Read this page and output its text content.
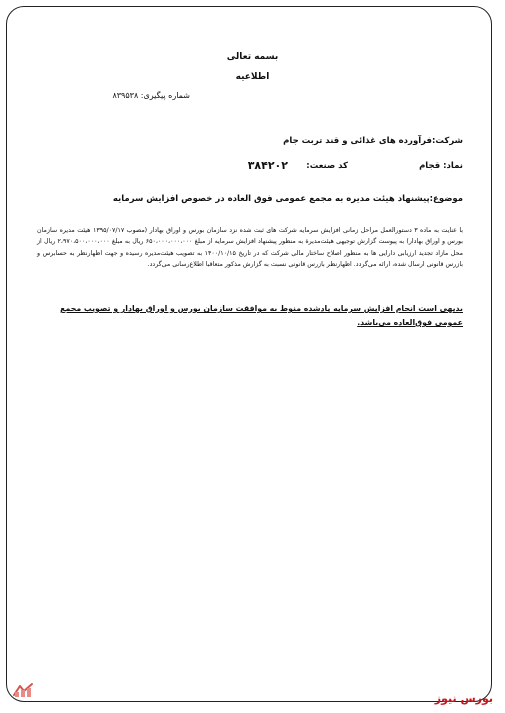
بسمه تعالی
اطلاعیه
شماره پیگیری: ۸۳۹۵۳۸
شرکت:فرآورده های غذائی و قند تربت جام
نماد: قجام
کد صنعت:
۳۸۴۲۰۲
موضوع:پیشنهاد هیئت مدیره به مجمع عمومی فوق العاده در خصوص افزایش سرمایه
با عنایت به ماده ۳ دستورالعمل مراحل زمانی افزایش سرمایه شرکت های ثبت شده نزد سازمان بورس و اوراق بهادار (مصوب ۱۳۹۵/۰۷/۱۷ هیئت مدیره سازمان بورس و اوراق بهادار) به پیوست گزارش توجیهی هیئت‌مدیرة به منظور پیشنهاد افزایش سرمایه از مبلغ ۶۵۰،۰۰۰،۰۰۰،۰۰۰ ریال به مبلغ ۲،۹۷۰،۵۰۰،۰۰۰،۰۰۰ ریال از محل مازاد تجدید ارزیابی دارایی ها به منظور اصلاح ساختار مالی شرکت که در تاریخ ۱۴۰۰/۱۰/۱۵ به تصویب هیئت‌مدیره رسیده و جهت اظهارنظر به حسابرس و بازرس قانونی ارسال شده، ارائه می‌گردد. اظهارنظر بازرس قانونی نسبت به گزارش مذکور متعاقبا اطلاع‌رسانی می‌گردد.
بدیهی است انجام افزایش سرمایه یادشده منوط به موافقت سازمان بورس و اوراق بهادار و تصویب مجمع عمومی فوق‌العاده می‌باشد.
بورس نیوز
